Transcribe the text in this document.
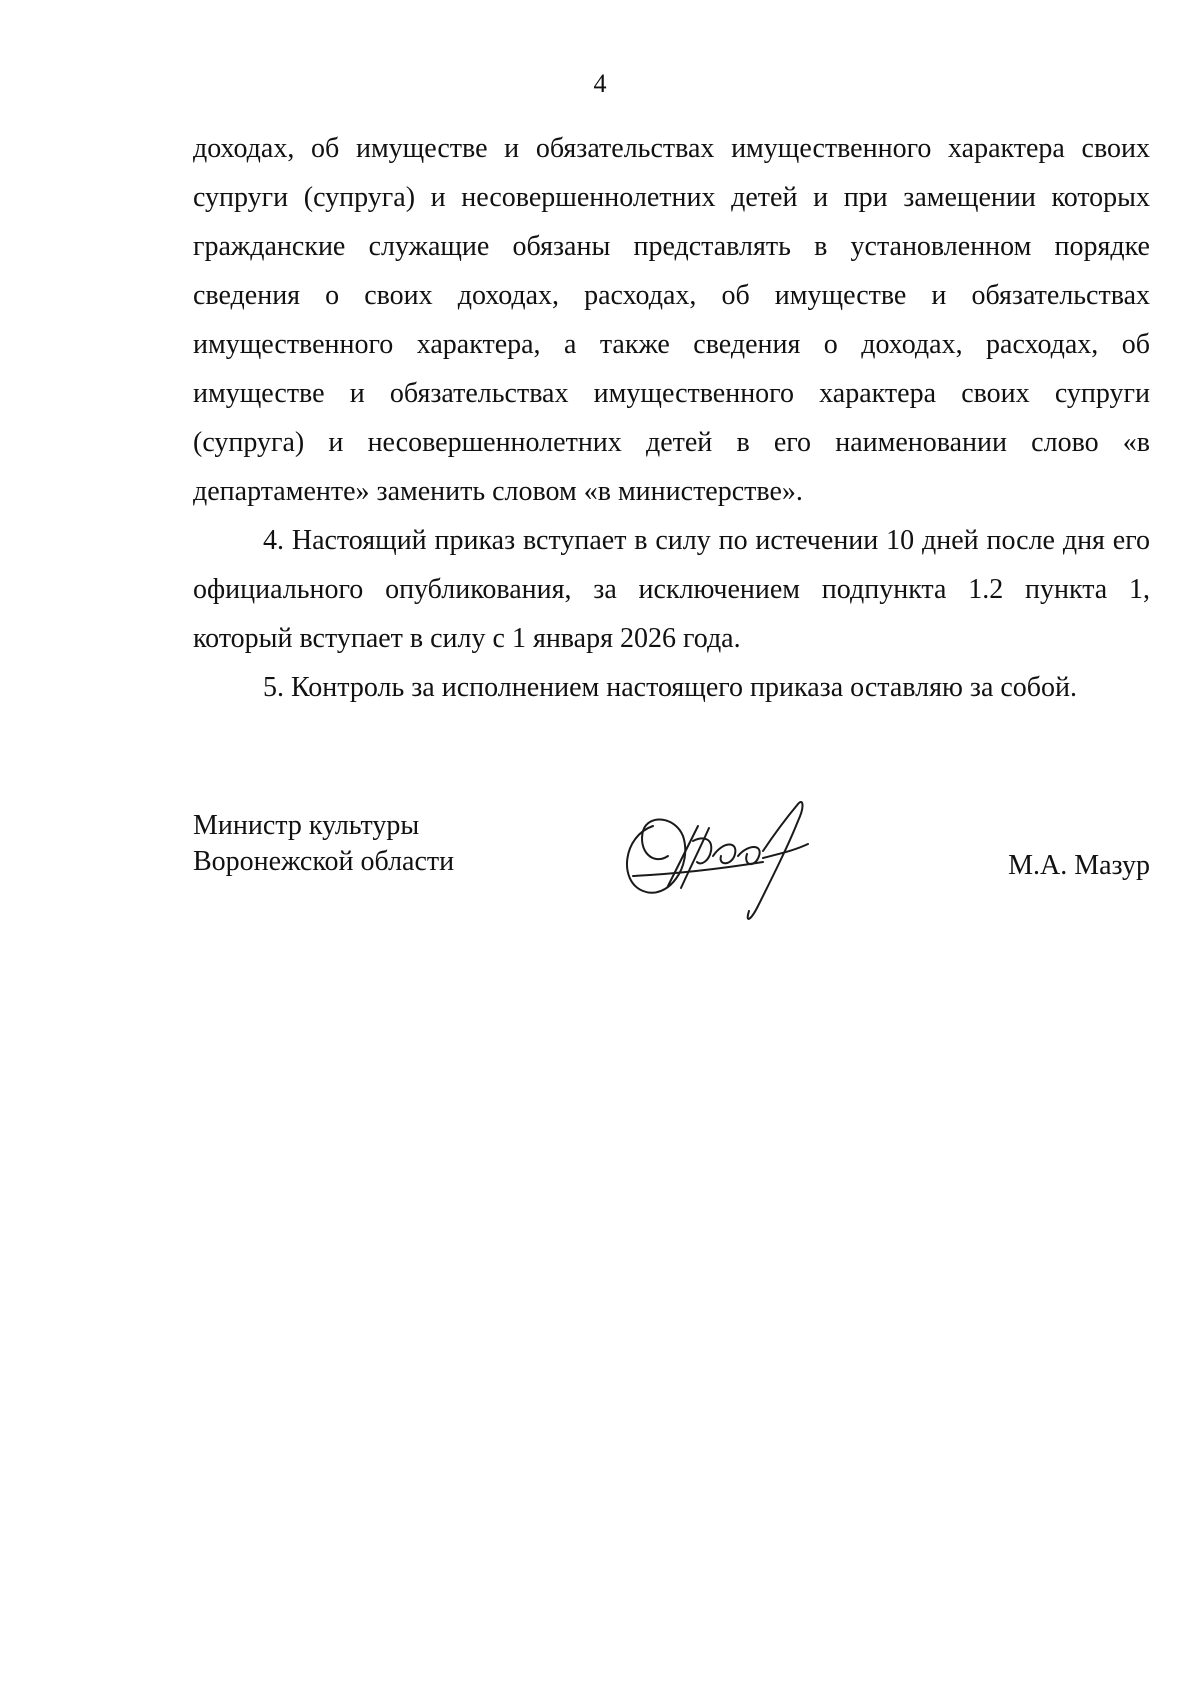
4

доходах, об имуществе и обязательствах имущественного характера своих супруги (супруга) и несовершеннолетних детей и при замещении которых гражданские служащие обязаны представлять в установленном порядке сведения о своих доходах, расходах, об имуществе и обязательствах имущественного характера, а также сведения о доходах, расходах, об имуществе и обязательствах имущественного характера своих супруги (супруга) и несовершеннолетних детей в его наименовании слово «в департаменте» заменить словом «в министерстве».

4. Настоящий приказ вступает в силу по истечении 10 дней после дня его официального опубликования, за исключением подпункта 1.2 пункта 1, который вступает в силу с 1 января 2026 года.

5. Контроль за исполнением настоящего приказа оставляю за собой.

Министр культуры
Воронежской области	М.А. Мазур
